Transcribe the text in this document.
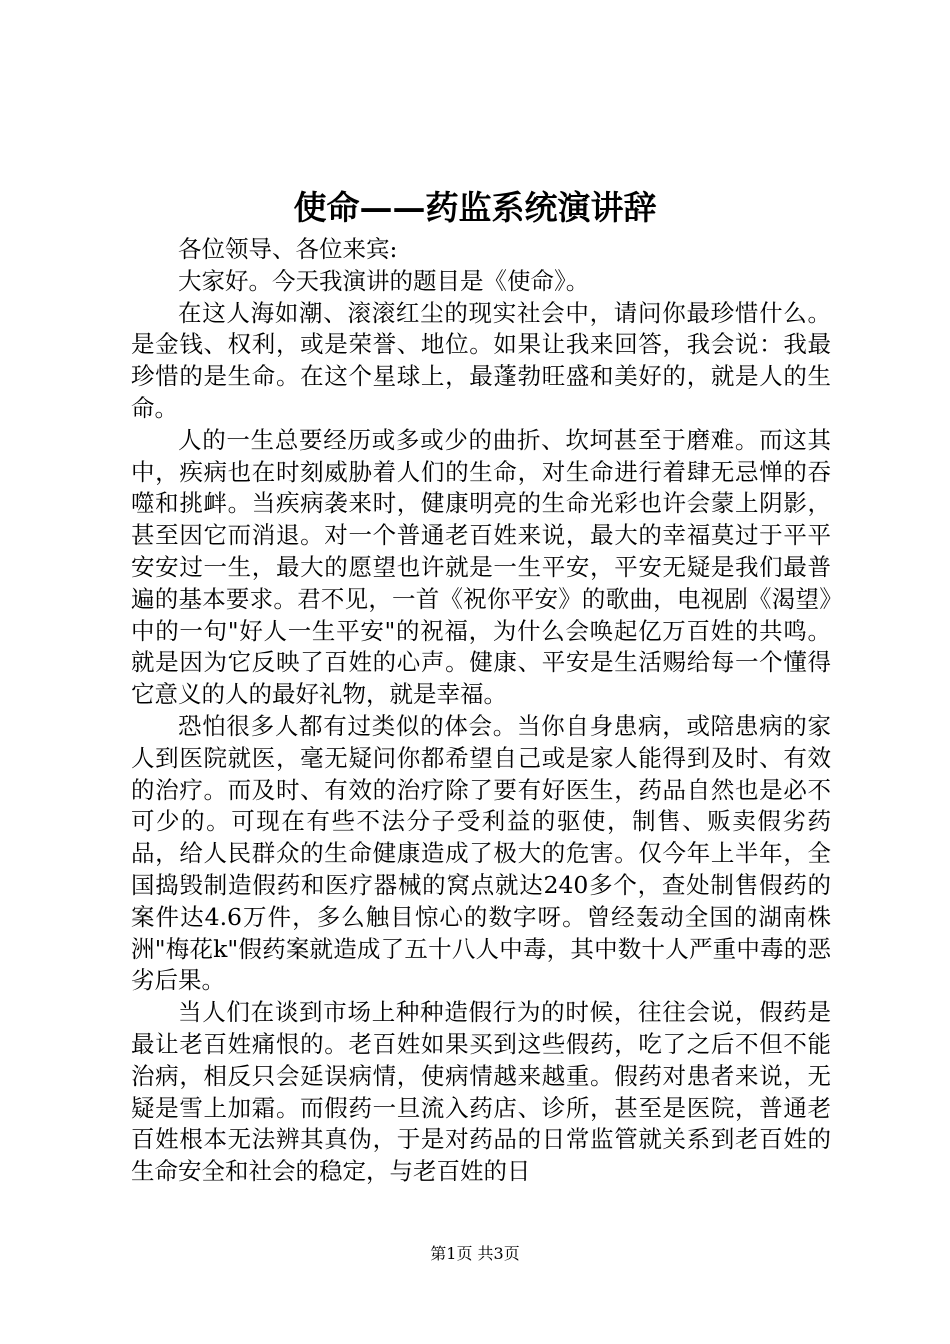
使命——药监系统演讲辞

各位领导、各位来宾:

大家好。今天我演讲的题目是《使命》。

在这人海如潮、滚滚红尘的现实社会中，请问你最珍惜什么。是金钱、权利，或是荣誉、地位。如果让我来回答，我会说：我最珍惜的是生命。在这个星球上，最蓬勃旺盛和美好的，就是人的生命。

人的一生总要经历或多或少的曲折、坎坷甚至于磨难。而这其中，疾病也在时刻威胁着人们的生命，对生命进行着肆无忌惮的吞噬和挑衅。当疾病袭来时，健康明亮的生命光彩也许会蒙上阴影，甚至因它而消退。对一个普通老百姓来说，最大的幸福莫过于平平安安过一生，最大的愿望也许就是一生平安，平安无疑是我们最普遍的基本要求。君不见，一首《祝你平安》的歌曲，电视剧《渴望》中的一句"好人一生平安"的祝福，为什么会唤起亿万百姓的共鸣。就是因为它反映了百姓的心声。健康、平安是生活赐给每一个懂得它意义的人的最好礼物，就是幸福。

恐怕很多人都有过类似的体会。当你自身患病，或陪患病的家人到医院就医，毫无疑问你都希望自己或是家人能得到及时、有效的治疗。而及时、有效的治疗除了要有好医生，药品自然也是必不可少的。可现在有些不法分子受利益的驱使，制售、贩卖假劣药品，给人民群众的生命健康造成了极大的危害。仅今年上半年，全国捣毁制造假药和医疗器械的窝点就达240多个，查处制售假药的案件达4.6万件，多么触目惊心的数字呀。曾经轰动全国的湖南株洲"梅花k"假药案就造成了五十八人中毒，其中数十人严重中毒的恶劣后果。

当人们在谈到市场上种种造假行为的时候，往往会说，假药是最让老百姓痛恨的。老百姓如果买到这些假药，吃了之后不但不能治病，相反只会延误病情，使病情越来越重。假药对患者来说，无疑是雪上加霜。而假药一旦流入药店、诊所，甚至是医院，普通老百姓根本无法辨其真伪，于是对药品的日常监管就关系到老百姓的生命安全和社会的稳定，与老百姓的日

第1页 共3页
